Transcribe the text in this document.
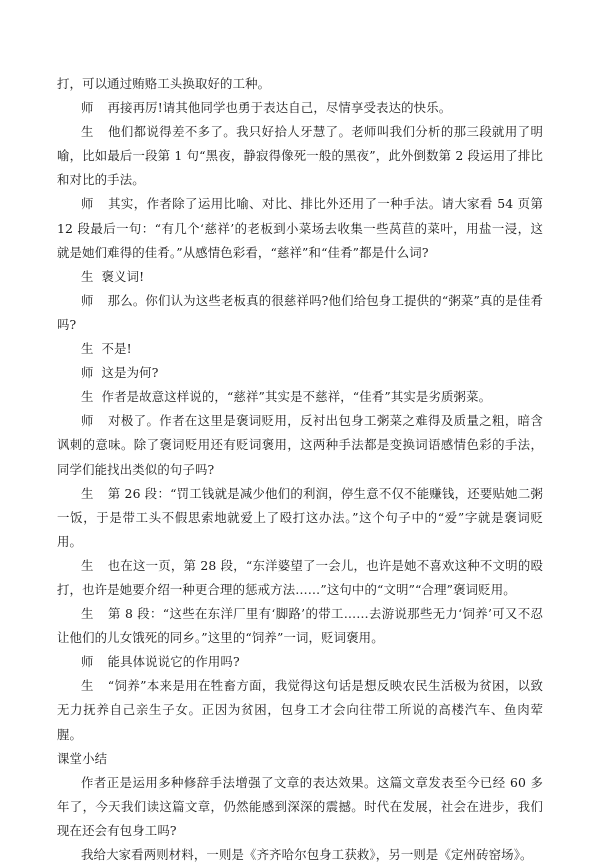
打，可以通过贿赂工头换取好的工种。

师 再接再厉!请其他同学也勇于表达自己，尽情享受表达的快乐。

生 他们都说得差不多了。我只好拾人牙慧了。老师叫我们分析的那三段就用了明喻，比如最后一段第 1 句“黑夜，静寂得像死一般的黑夜”，此外倒数第 2 段运用了排比和对比的手法。

师 其实，作者除了运用比喻、对比、排比外还用了一种手法。请大家看 54 页第 12 段最后一句：“有几个‘慈祥’的老板到小菜场去收集一些莴苣的菜叶，用盐一浸，这就是她们难得的佳肴。”从感情色彩看，“慈祥”和“佳肴”都是什么词?

生 褒义词!

师 那么。你们认为这些老板真的很慈祥吗?他们给包身工提供的“粥菜”真的是佳肴吗?

生 不是!

师 这是为何?

生 作者是故意这样说的，“慈祥”其实是不慈祥，“佳肴”其实是劣质粥菜。

师 对极了。作者在这里是褒词贬用，反衬出包身工粥菜之难得及质量之粗，暗含讽刺的意味。除了褒词贬用还有贬词褒用，这两种手法都是变换词语感情色彩的手法，同学们能找出类似的句子吗?

生 第 26 段：“罚工钱就是减少他们的利润，停生意不仅不能赚钱，还要贴她二粥一饭，于是带工头不假思索地就爱上了殴打这办法。”这个句子中的“爱”字就是褒词贬用。

生 也在这一页，第 28 段，“东洋婆望了一会儿，也许是她不喜欢这种不文明的殴打，也许是她要介绍一种更合理的惩戒方法……”这句中的“文明”“合理”褒词贬用。

生 第 8 段：“这些在东洋厂里有‘脚路’的带工……去游说那些无力‘饲养’可又不忍让他们的儿女饿死的同乡。”这里的“饲养”一词，贬词褒用。

师 能具体说说它的作用吗?

生 “饲养”本来是用在牲畜方面，我觉得这句话是想反映农民生活极为贫困，以致无力抚养自己亲生子女。正因为贫困，包身工才会向往带工所说的高楼汽车、鱼肉荤腥。

课堂小结

作者正是运用多种修辞手法增强了文章的表达效果。这篇文章发表至今已经 60 多年了，今天我们读这篇文章，仍然能感到深深的震撼。时代在发展，社会在进步，我们现在还会有包身工吗?

我给大家看两则材料，一则是《齐齐哈尔包身工获救》，另一则是《定州砖窑场》。
